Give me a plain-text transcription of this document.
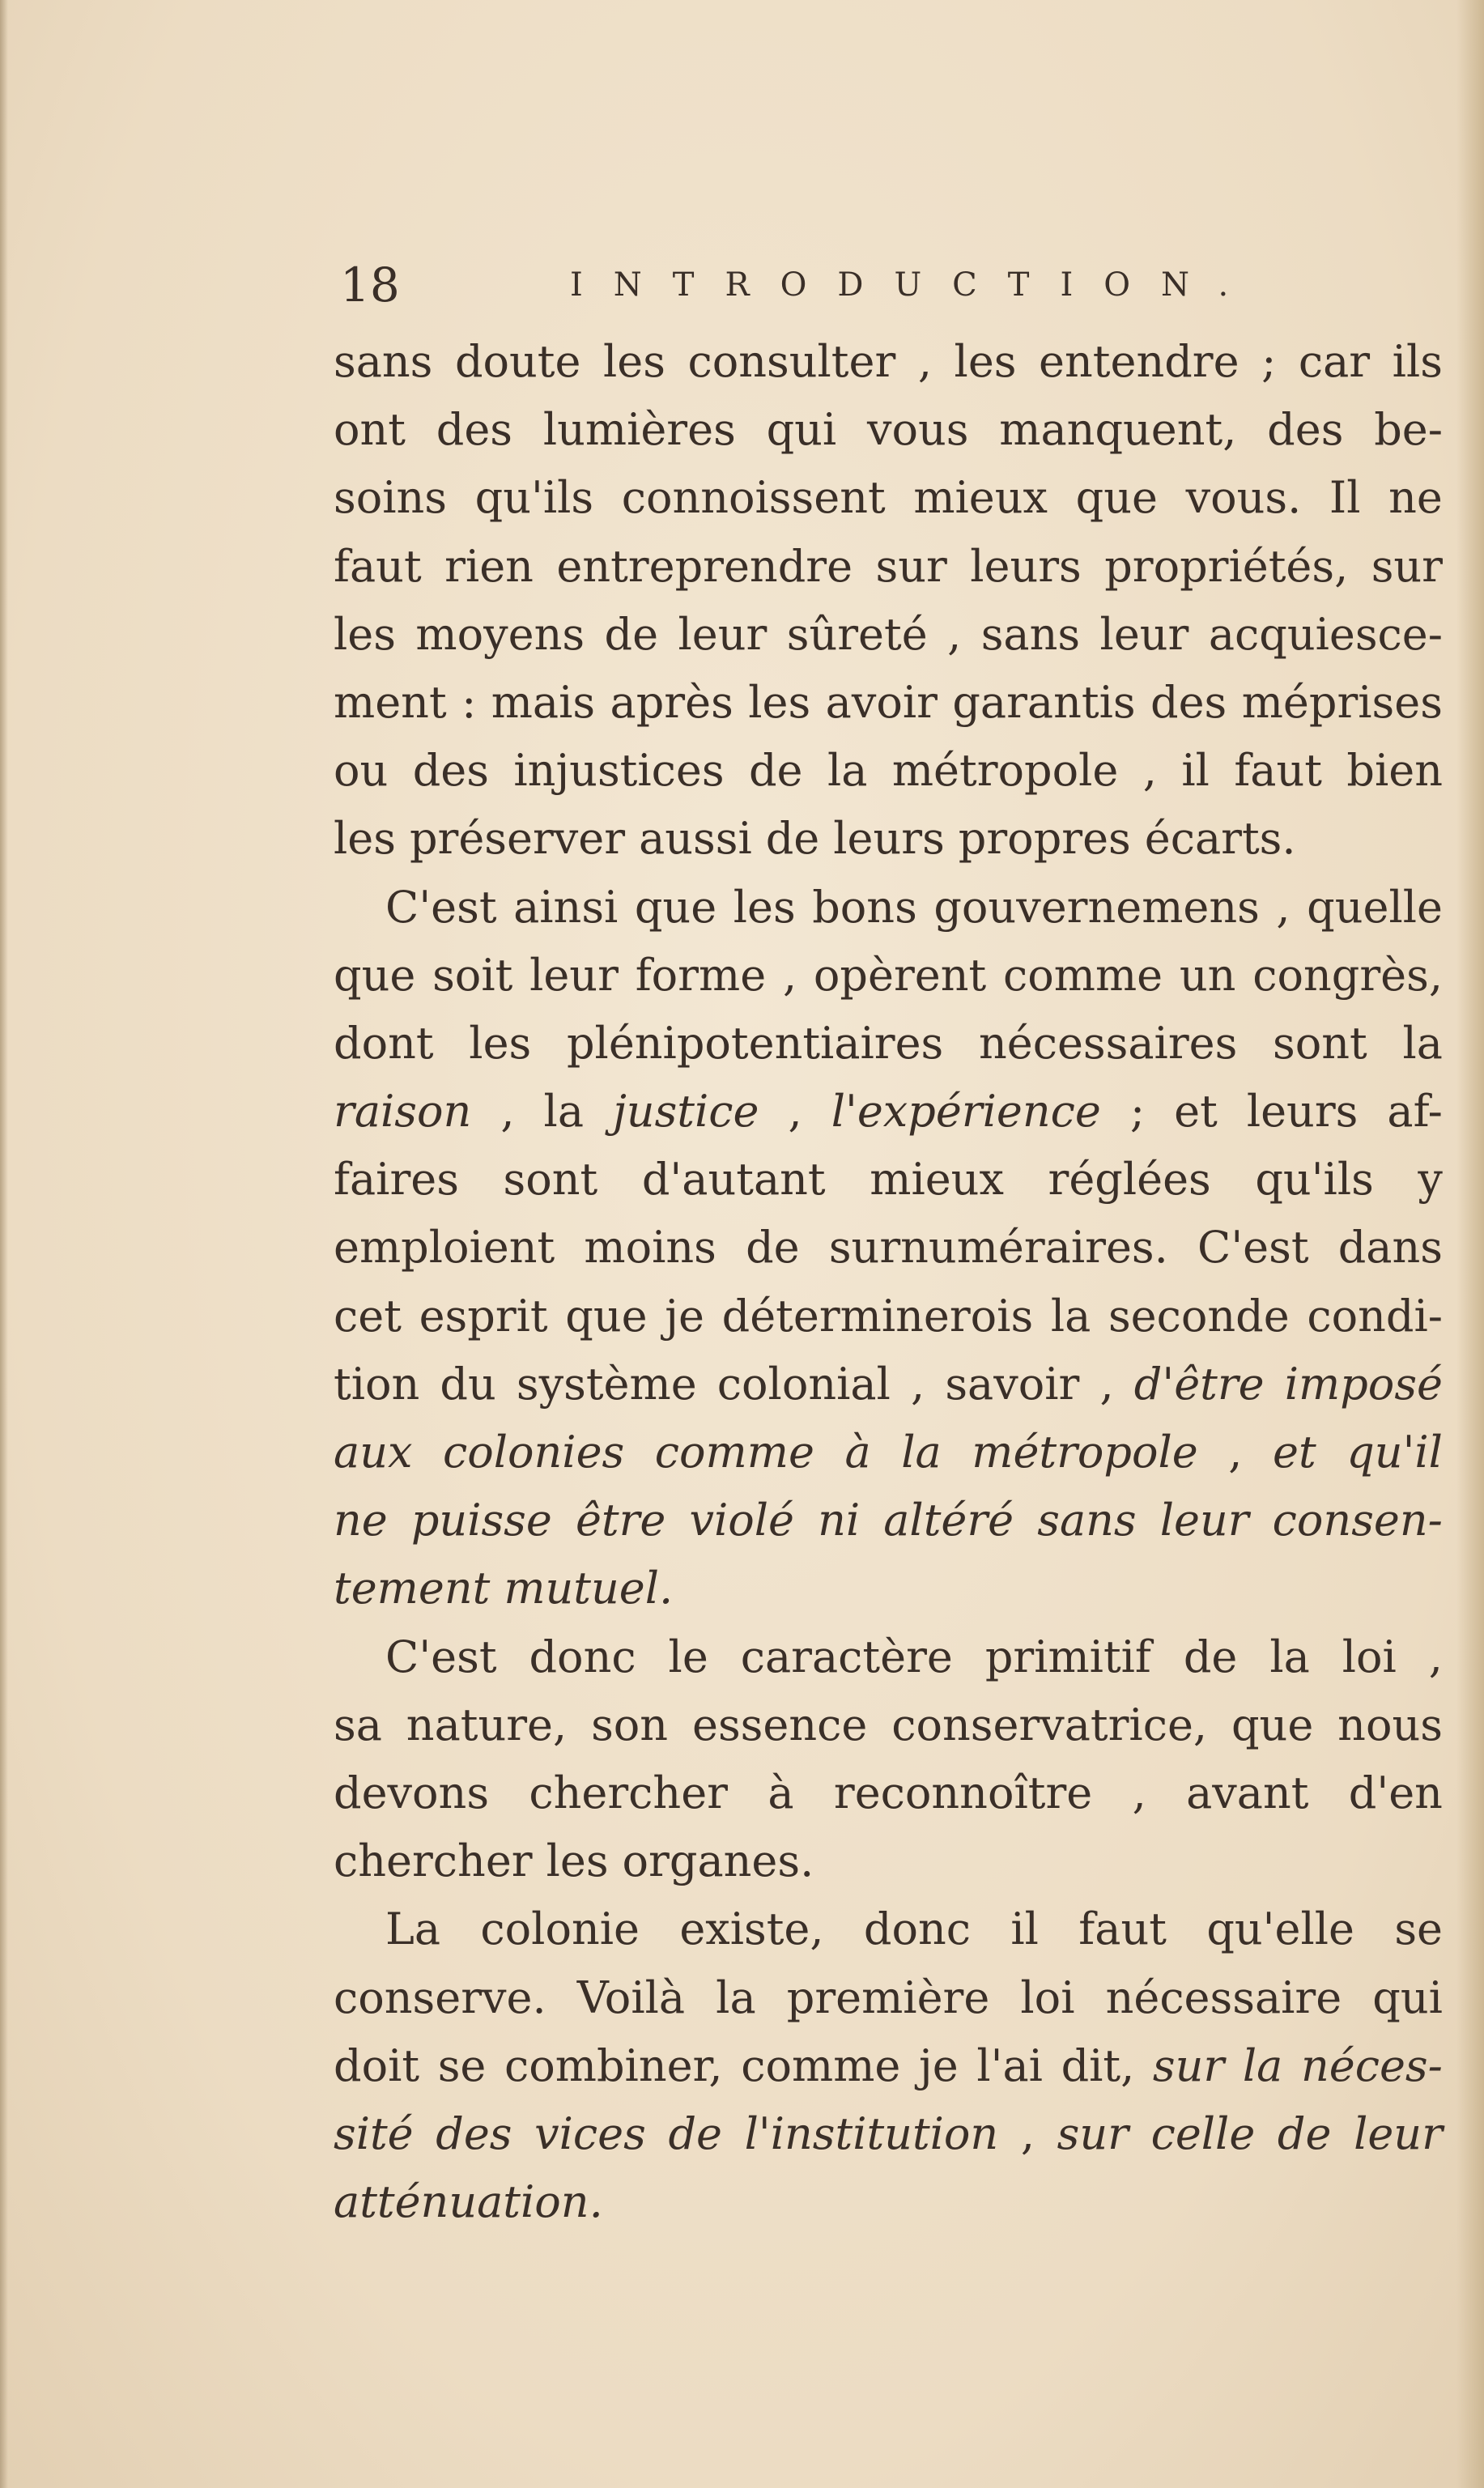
18	INTRODUCTION.
sans doute les consulter , les entendre ; car ils
ont des lumières qui vous manquent, des be-
soins qu'ils connoissent mieux que vous. Il ne
faut rien entreprendre sur leurs propriétés, sur
les moyens de leur sûreté , sans leur acquiesce-
ment : mais après les avoir garantis des méprises
ou des injustices de la métropole , il faut bien
les préserver aussi de leurs propres écarts.
C'est ainsi que les bons gouvernemens , quelle
que soit leur forme , opèrent comme un congrès,
dont les plénipotentiaires nécessaires sont la
raison , la justice , l'expérience ; et leurs af-
faires sont d'autant mieux réglées qu'ils y
emploient moins de surnuméraires. C'est dans
cet esprit que je déterminerois la seconde condi-
tion du système colonial , savoir , d'être imposé
aux colonies comme à la métropole , et qu'il
ne puisse être violé ni altéré sans leur consen-
tement mutuel.
C'est donc le caractère primitif de la loi ,
sa nature, son essence conservatrice, que nous
devons chercher à reconnoître , avant d'en
chercher les organes.
La colonie existe, donc il faut qu'elle se
conserve. Voilà la première loi nécessaire qui
doit se combiner, comme je l'ai dit, sur la néces-
sité des vices de l'institution , sur celle de leur
atténuation.
